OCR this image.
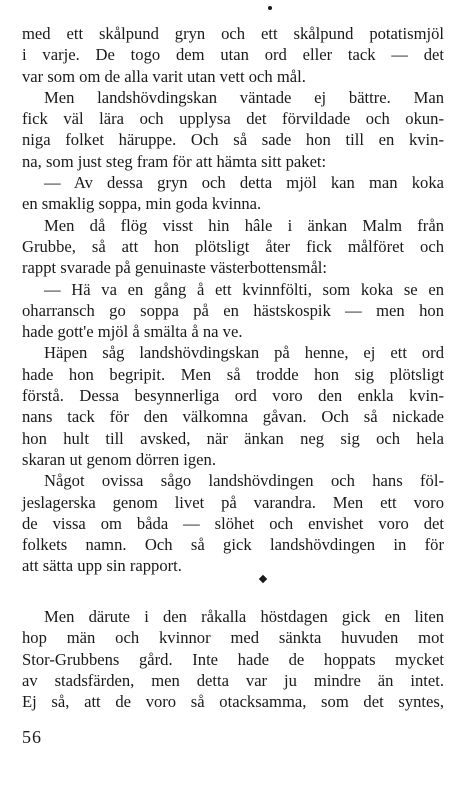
med ett skålpund gryn och ett skålpund potatismjöl
i varje. De togo dem utan ord eller tack — det
var som om de alla varit utan vett och mål.
Men landshövdingskan väntade ej bättre. Man
fick väl lära och upplysa det förvildade och okun-
niga folket häruppe. Och så sade hon till en kvin-
na, som just steg fram för att hämta sitt paket:
— Av dessa gryn och detta mjöl kan man koka
en smaklig soppa, min goda kvinna.
Men då flög visst hin hâle i änkan Malm från
Grubbe, så att hon plötsligt åter fick målföret och
rappt svarade på genuinaste västerbottensmål:
— Hä va en gång å ett kvinnfölti, som koka se en
oharransch go soppa på en hästskospik — men hon
hade gott'e mjöl å smälta å na ve.
Häpen såg landshövdingskan på henne, ej ett ord
hade hon begripit. Men så trodde hon sig plötsligt
förstå. Dessa besynnerliga ord voro den enkla kvin-
nans tack för den välkomna gåvan. Och så nickade
hon hult till avsked, när änkan neg sig och hela
skaran ut genom dörren igen.
Något ovissa sågo landshövdingen och hans föl-
jeslagerska genom livet på varandra. Men ett voro
de vissa om båda — slöhet och envishet voro det
folkets namn. Och så gick landshövdingen in för
att sätta upp sin rapport.
Men därute i den råkalla höstdagen gick en liten
hop män och kvinnor med sänkta huvuden mot
Stor-Grubbens gård. Inte hade de hoppats mycket
av stadsfärden, men detta var ju mindre än intet.
Ej så, att de voro så otacksamma, som det syntes,
56
